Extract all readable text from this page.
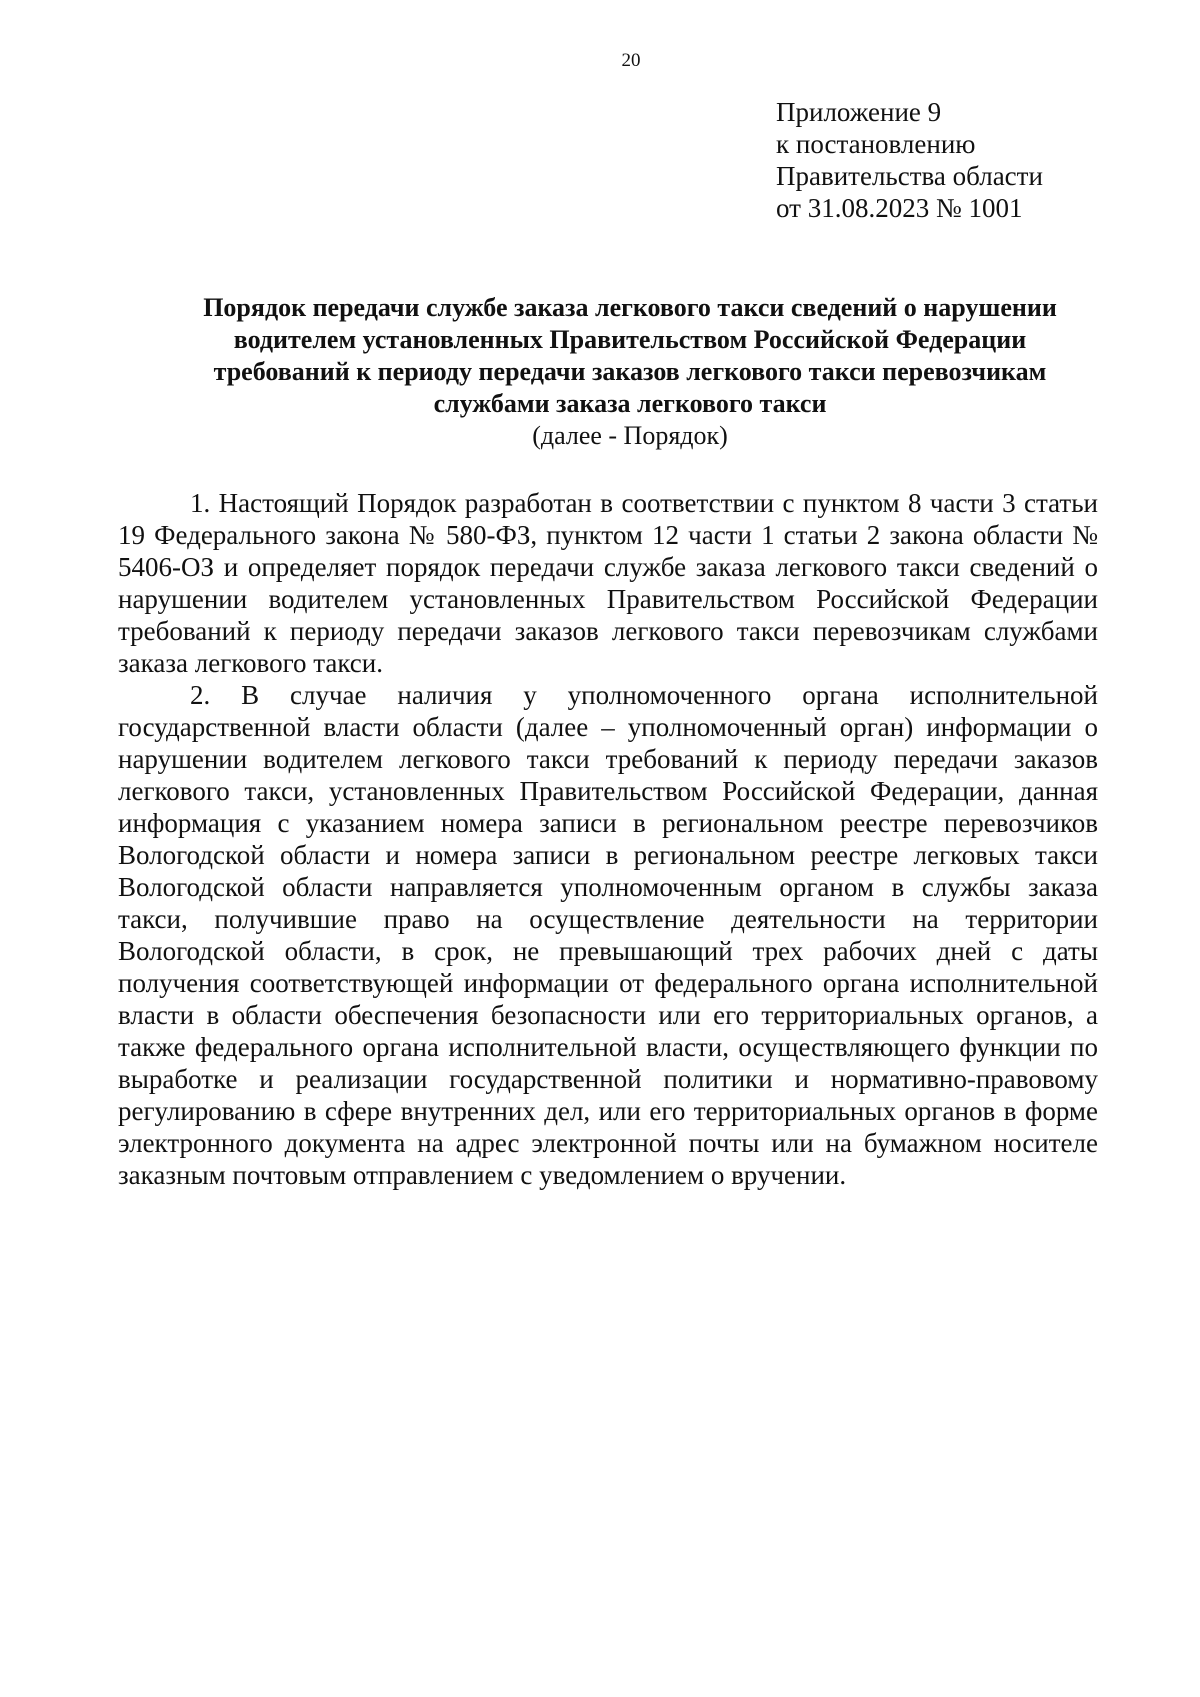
20
Приложение 9
к постановлению
Правительства области
от 31.08.2023 № 1001
Порядок передачи службе заказа легкового такси сведений о нарушении
водителем установленных Правительством Российской Федерации
требований к периоду передачи заказов легкового такси перевозчикам
службами заказа легкового такси
(далее - Порядок)
1. Настоящий Порядок разработан в соответствии с пунктом 8 части 3 статьи
19 Федерального закона № 580-ФЗ, пунктом 12 части 1 статьи 2 закона области №
5406-ОЗ и определяет порядок передачи службе заказа легкового такси сведений о
нарушении водителем установленных Правительством Российской Федерации
требований к периоду передачи заказов легкового такси перевозчикам службами
заказа легкового такси.
2. В случае наличия у уполномоченного органа исполнительной
государственной власти области (далее – уполномоченный орган) информации о
нарушении водителем легкового такси требований к периоду передачи заказов
легкового такси, установленных Правительством Российской Федерации, данная
информация с указанием номера записи в региональном реестре перевозчиков
Вологодской области и номера записи в региональном реестре легковых такси
Вологодской области направляется уполномоченным органом в службы заказа
такси, получившие право на осуществление деятельности на территории
Вологодской области, в срок, не превышающий трех рабочих дней с даты
получения соответствующей информации от федерального органа исполнительной
власти в области обеспечения безопасности или его территориальных органов, а
также федерального органа исполнительной власти, осуществляющего функции по
выработке и реализации государственной политики и нормативно-правовому
регулированию в сфере внутренних дел, или его территориальных органов в форме
электронного документа на адрес электронной почты или на бумажном носителе
заказным почтовым отправлением с уведомлением о вручении.
